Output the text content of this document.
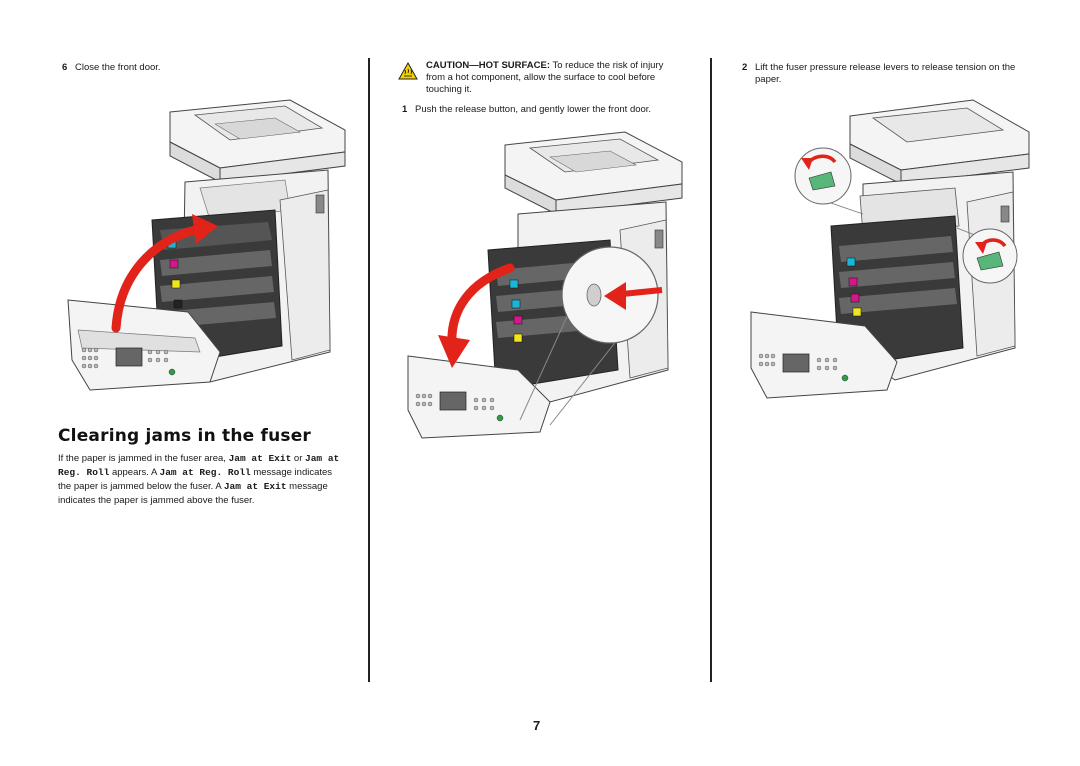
6 Close the front door.
Clearing jams in the fuser
If the paper is jammed in the fuser area, Jam at Exit or Jam at Reg. Roll appears. A Jam at Reg. Roll message indicates the paper is jammed below the fuser. A Jam at Exit message indicates the paper is jammed above the fuser.
CAUTION—HOT SURFACE: To reduce the risk of injury from a hot component, allow the surface to cool before touching it.
1 Push the release button, and gently lower the front door.
2 Lift the fuser pressure release levers to release tension on the paper.
7
